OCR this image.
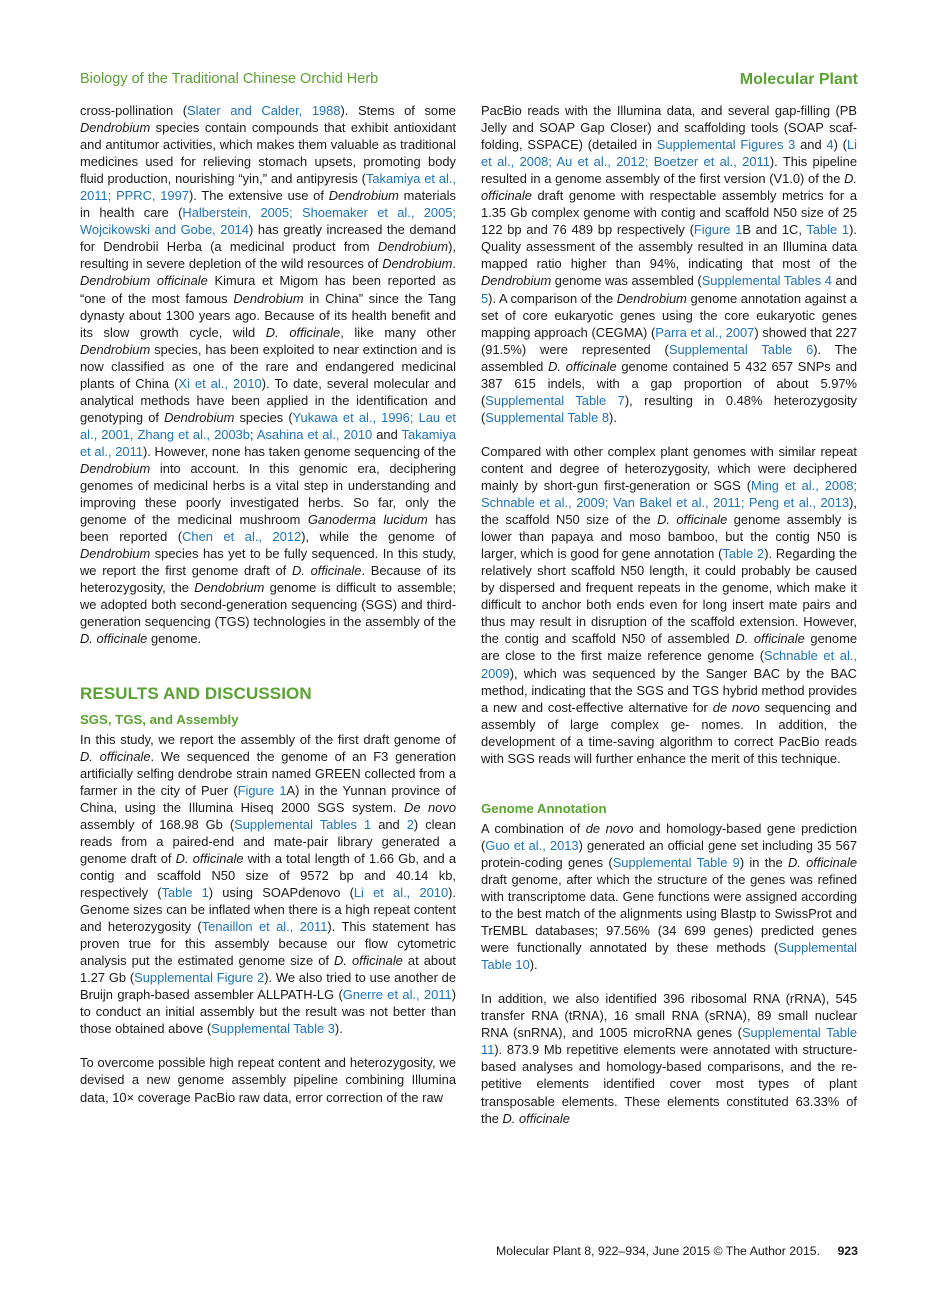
Biology of the Traditional Chinese Orchid Herb	Molecular Plant

cross-pollination (Slater and Calder, 1988). Stems of some Dendrobium species contain compounds that exhibit antioxidant and antitumor activities, which makes them valuable as traditional medicines used for relieving stomach upsets, promoting body fluid production, nourishing “yin,” and antipyresis (Takamiya et al., 2011; PPRC, 1997). The extensive use of Dendrobium materials in health care (Halberstein, 2005; Shoemaker et al., 2005; Wojcikowski and Gobe, 2014) has greatly increased the demand for Dendrobii Herba (a medicinal product from Dendrobium), resulting in severe depletion of the wild resources of Dendrobium. Dendrobium officinale Kimura et Migom has been reported as “one of the most famous Dendrobium in China” since the Tang dynasty about 1300 years ago. Because of its health benefit and its slow growth cycle, wild D. officinale, like many other Dendrobium species, has been exploited to near extinction and is now classified as one of the rare and endangered medicinal plants of China (Xi et al., 2010). To date, several molecular and analytical methods have been applied in the identification and genotyping of Dendrobium species (Yukawa et al., 1996; Lau et al., 2001, Zhang et al., 2003b; Asahina et al., 2010 and Takamiya et al., 2011). However, none has taken genome sequencing of the Dendrobium into account. In this genomic era, deciphering genomes of medicinal herbs is a vital step in understanding and improving these poorly investigated herbs. So far, only the genome of the medicinal mushroom Ganoderma lucidum has been reported (Chen et al., 2012), while the genome of Dendrobium species has yet to be fully sequenced. In this study, we report the first genome draft of D. officinale. Because of its heterozygosity, the Dendobrium genome is difficult to assemble; we adopted both second-generation sequencing (SGS) and third-generation sequencing (TGS) technologies in the assembly of the D. officinale genome.

RESULTS AND DISCUSSION
SGS, TGS, and Assembly

In this study, we report the assembly of the first draft genome of D. officinale. We sequenced the genome of an F3 generation artificially selfing dendrobe strain named GREEN collected from a farmer in the city of Puer (Figure 1A) in the Yunnan province of China, using the Illumina Hiseq 2000 SGS system. De novo assembly of 168.98 Gb (Supplemental Tables 1 and 2) clean reads from a paired-end and mate-pair library generated a genome draft of D. officinale with a total length of 1.66 Gb, and a contig and scaffold N50 size of 9572 bp and 40.14 kb, respectively (Table 1) using SOAPdenovo (Li et al., 2010). Genome sizes can be inflated when there is a high repeat content and heterozygosity (Tenaillon et al., 2011). This statement has proven true for this assembly because our flow cytometric analysis put the estimated genome size of D. officinale at about 1.27 Gb (Supplemental Figure 2). We also tried to use another de Bruijn graph-based assembler ALLPATH-LG (Gnerre et al., 2011) to conduct an initial assembly but the result was not better than those obtained above (Supplemental Table 3).

To overcome possible high repeat content and heterozygosity, we devised a new genome assembly pipeline combining Illumina data, 10× coverage PacBio raw data, error correction of the raw

PacBio reads with the Illumina data, and several gap-filling (PB Jelly and SOAP Gap Closer) and scaffolding tools (SOAP scaf- folding, SSPACE) (detailed in Supplemental Figures 3 and 4) (Li et al., 2008; Au et al., 2012; Boetzer et al., 2011). This pipeline resulted in a genome assembly of the first version (V1.0) of the D. officinale draft genome with respectable assembly metrics for a 1.35 Gb complex genome with contig and scaffold N50 size of 25 122 bp and 76 489 bp respectively (Figure 1B and 1C, Table 1). Quality assessment of the assembly resulted in an Illumina data mapped ratio higher than 94%, indicating that most of the Dendrobium genome was assembled (Supplemental Tables 4 and 5). A comparison of the Dendrobium genome annotation against a set of core eukaryotic genes using the core eukaryotic genes mapping approach (CEGMA) (Parra et al., 2007) showed that 227 (91.5%) were represented (Supplemental Table 6). The assembled D. officinale genome contained 5 432 657 SNPs and 387 615 indels, with a gap proportion of about 5.97% (Supplemental Table 7), resulting in 0.48% heterozygosity (Supplemental Table 8).

Compared with other complex plant genomes with similar repeat content and degree of heterozygosity, which were deciphered mainly by short-gun first-generation or SGS (Ming et al., 2008; Schnable et al., 2009; Van Bakel et al., 2011; Peng et al., 2013), the scaffold N50 size of the D. officinale genome assembly is lower than papaya and moso bamboo, but the contig N50 is larger, which is good for gene annotation (Table 2). Regarding the relatively short scaffold N50 length, it could probably be caused by dispersed and frequent repeats in the genome, which make it difficult to anchor both ends even for long insert mate pairs and thus may result in disruption of the scaffold extension. However, the contig and scaffold N50 of assembled D. officinale genome are close to the first maize reference genome (Schnable et al., 2009), which was sequenced by the Sanger BAC by the BAC method, indicating that the SGS and TGS hybrid method provides a new and cost-effective alternative for de novo sequencing and assembly of large complex ge- nomes. In addition, the development of a time-saving algorithm to correct PacBio reads with SGS reads will further enhance the merit of this technique.

Genome Annotation

A combination of de novo and homology-based gene prediction (Guo et al., 2013) generated an official gene set including 35 567 protein-coding genes (Supplemental Table 9) in the D. officinale draft genome, after which the structure of the genes was refined with transcriptome data. Gene functions were assigned according to the best match of the alignments using Blastp to SwissProt and TrEMBL databases; 97.56% (34 699 genes) predicted genes were functionally annotated by these methods (Supplemental Table 10).

In addition, we also identified 396 ribosomal RNA (rRNA), 545 transfer RNA (tRNA), 16 small RNA (sRNA), 89 small nuclear RNA (snRNA), and 1005 microRNA genes (Supplemental Table 11). 873.9 Mb repetitive elements were annotated with structure- based analyses and homology-based comparisons, and the re- petitive elements identified cover most types of plant transposable elements. These elements constituted 63.33% of the D. officinale

Molecular Plant 8, 922–934, June 2015 © The Author 2015. 923
